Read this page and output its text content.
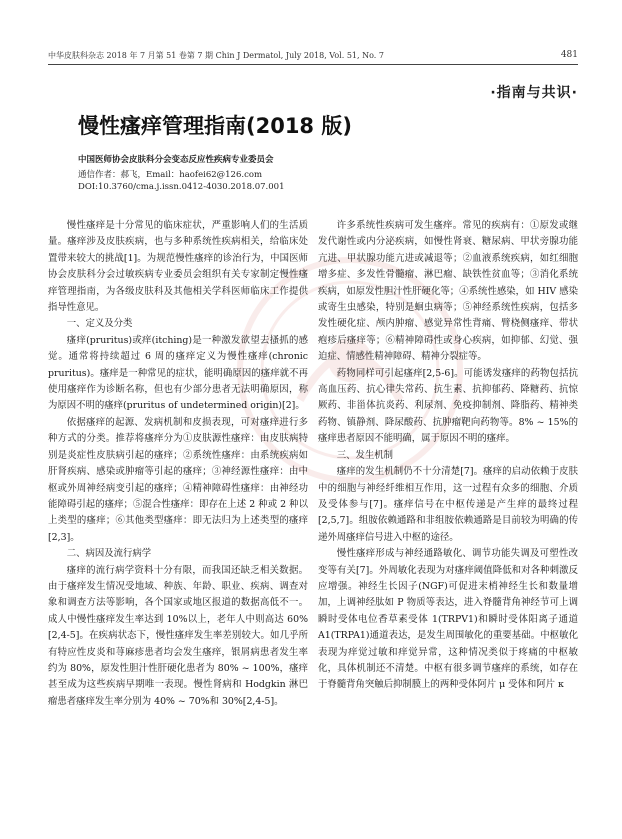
中华皮肤科杂志 2018 年 7 月第 51 卷第 7 期 Chin J Dermatol, July 2018, Vol. 51, No. 7	481
·指南与共识·
慢性瘙痒管理指南(2018 版)
中国医师协会皮肤科分会变态反应性疾病专业委员会
通信作者：郝飞，Email：haofei62@126.com
DOI:10.3760/cma.j.issn.0412-4030.2018.07.001

慢性瘙痒是十分常见的临床症状，严重影响人们的生活质量。瘙痒涉及皮肤疾病，也与多种系统性疾病相关，给临床处置带来较大的挑战[1]。为规范慢性瘙痒的诊治行为，中国医师协会皮肤科分会过敏疾病专业委员会组织有关专家制定慢性瘙痒管理指南，为各级皮肤科及其他相关学科医师临床工作提供指导性意见。

一、定义及分类

瘙痒(pruritus)或痒(itching)是一种激发欲望去搔抓的感觉。通常将持续超过 6 周的瘙痒定义为慢性瘙痒(chronic pruritus)。瘙痒是一种常见的症状，能明确原因的瘙痒就不再使用瘙痒作为诊断名称，但也有少部分患者无法明确原因，称为原因不明的瘙痒(pruritus of undetermined origin)[2]。

依据瘙痒的起源、发病机制和皮损表现，可对瘙痒进行多种方式的分类。推荐将瘙痒分为①皮肤源性瘙痒：由皮肤病特别是炎症性皮肤病引起的瘙痒；②系统性瘙痒：由系统疾病如肝肾疾病、感染或肿瘤等引起的瘙痒；③神经源性瘙痒：由中枢或外周神经病变引起的瘙痒；④精神障碍性瘙痒：由神经功能障碍引起的瘙痒；⑤混合性瘙痒：即存在上述 2 种或 2 种以上类型的瘙痒；⑥其他类型瘙痒：即无法归为上述类型的瘙痒[2,3]。

二、病因及流行病学

瘙痒的流行病学资料十分有限，而我国还缺乏相关数据。由于瘙痒发生情况受地域、种族、年龄、职业、疾病、调查对象和调查方法等影响，各个国家或地区报道的数据高低不一。成人中慢性瘙痒发生率达到 10%以上，老年人中则高达 60%[2,4-5]。在疾病状态下，慢性瘙痒发生率差别较大。如几乎所有特应性皮炎和荨麻疹患者均会发生瘙痒，银屑病患者发生率约为 80%，原发性胆汁性肝硬化患者为 80% ~ 100%，瘙痒甚至成为这些疾病早期唯一表现。慢性肾病和 Hodgkin 淋巴瘤患者瘙痒发生率分别为 40% ~ 70%和 30%[2,4-5]。

许多系统性疾病可发生瘙痒。常见的疾病有：①原发或继发代谢性或内分泌疾病，如慢性肾衰、糖尿病、甲状旁腺功能亢进、甲状腺功能亢进或减退等；②血液系统疾病，如红细胞增多症、多发性骨髓瘤、淋巴瘤、缺铁性贫血等；③消化系统疾病，如原发性胆汁性肝硬化等；④系统性感染，如 HIV 感染或寄生虫感染，特别是蛔虫病等；⑤神经系统性疾病，包括多发性硬化症、颅内肿瘤、感觉异常性背痛、臂桡侧瘙痒、带状疱疹后瘙痒等；⑥精神障碍性或身心疾病，如抑郁、幻觉、强迫症、情感性精神障碍、精神分裂症等。

药物同样可引起瘙痒[2,5-6]。可能诱发瘙痒的药物包括抗高血压药、抗心律失常药、抗生素、抗抑郁药、降糖药、抗惊厥药、非甾体抗炎药、利尿剂、免疫抑制剂、降脂药、精神类药物、镇静剂、降尿酸药、抗肿瘤靶向药物等。8% ~ 15%的瘙痒患者原因不能明确，属于原因不明的瘙痒。

三、发生机制

瘙痒的发生机制仍不十分清楚[7]。瘙痒的启动依赖于皮肤中的细胞与神经纤维相互作用，这一过程有众多的细胞、介质及受体参与[7]。瘙痒信号在中枢传递是产生痒的最终过程[2,5,7]。组胺依赖通路和非组胺依赖通路是目前较为明确的传递外周瘙痒信号进入中枢的途径。

慢性瘙痒形成与神经通路敏化、调节功能失调及可塑性改变等有关[7]。外周敏化表现为对瘙痒阈值降低和对各种刺激反应增强。神经生长因子(NGF)可促进末梢神经生长和数量增加，上调神经肽如 P 物质等表达，进入脊髓背角神经节可上调瞬时受体电位香草素受体 1(TRPV1)和瞬时受体阳离子通道 A1(TRPA1)通道表达，是发生周围敏化的重要基础。中枢敏化表现为痒觉过敏和痒觉异常，这种情况类似于疼痛的中枢敏化，具体机制还不清楚。中枢有很多调节瘙痒的系统，如存在于脊髓背角突触后抑制膜上的两种受体阿片 μ 受体和阿片 κ
